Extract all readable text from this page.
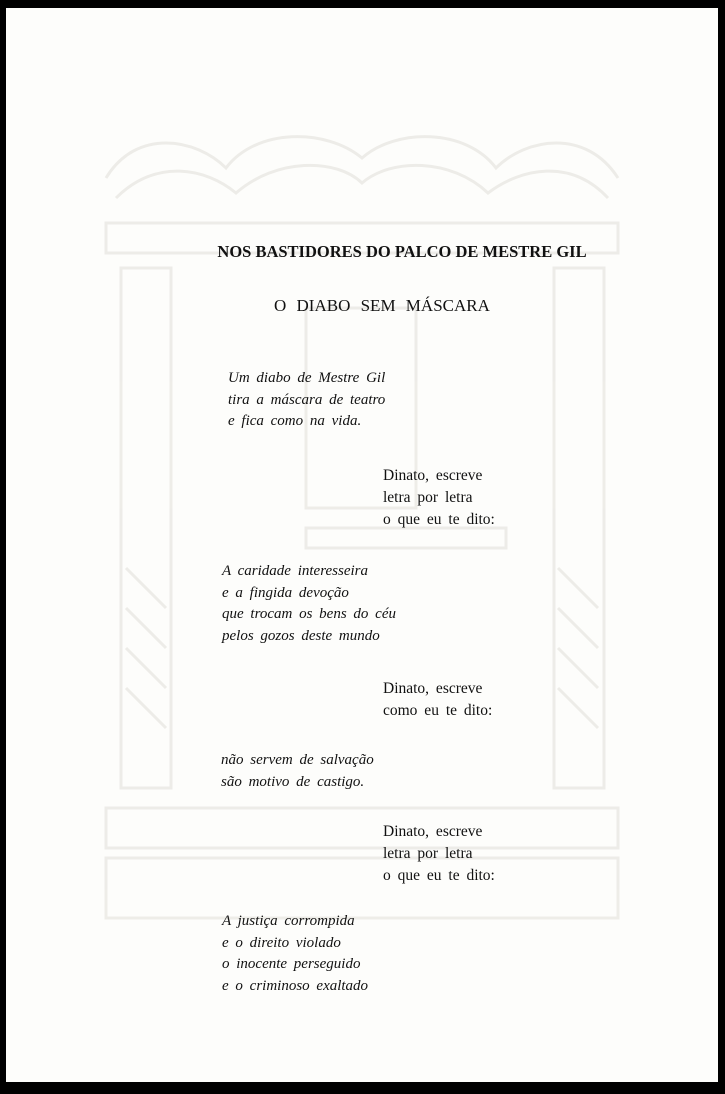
NOS BASTIDORES DO PALCO DE MESTRE GIL
O DIABO SEM MÁSCARA
Um diabo de Mestre Gil
tira a máscara de teatro
e fica como na vida.
Dinato, escreve
letra por letra
o que eu te dito:
A caridade interesseira
e a fingida devoção
que trocam os bens do céu
pelos gozos deste mundo
Dinato, escreve
como eu te dito:
não servem de salvação
são motivo de castigo.
Dinato, escreve
letra por letra
o que eu te dito:
A justiça corrompida
e o direito violado
o inocente perseguido
e o criminoso exaltado
